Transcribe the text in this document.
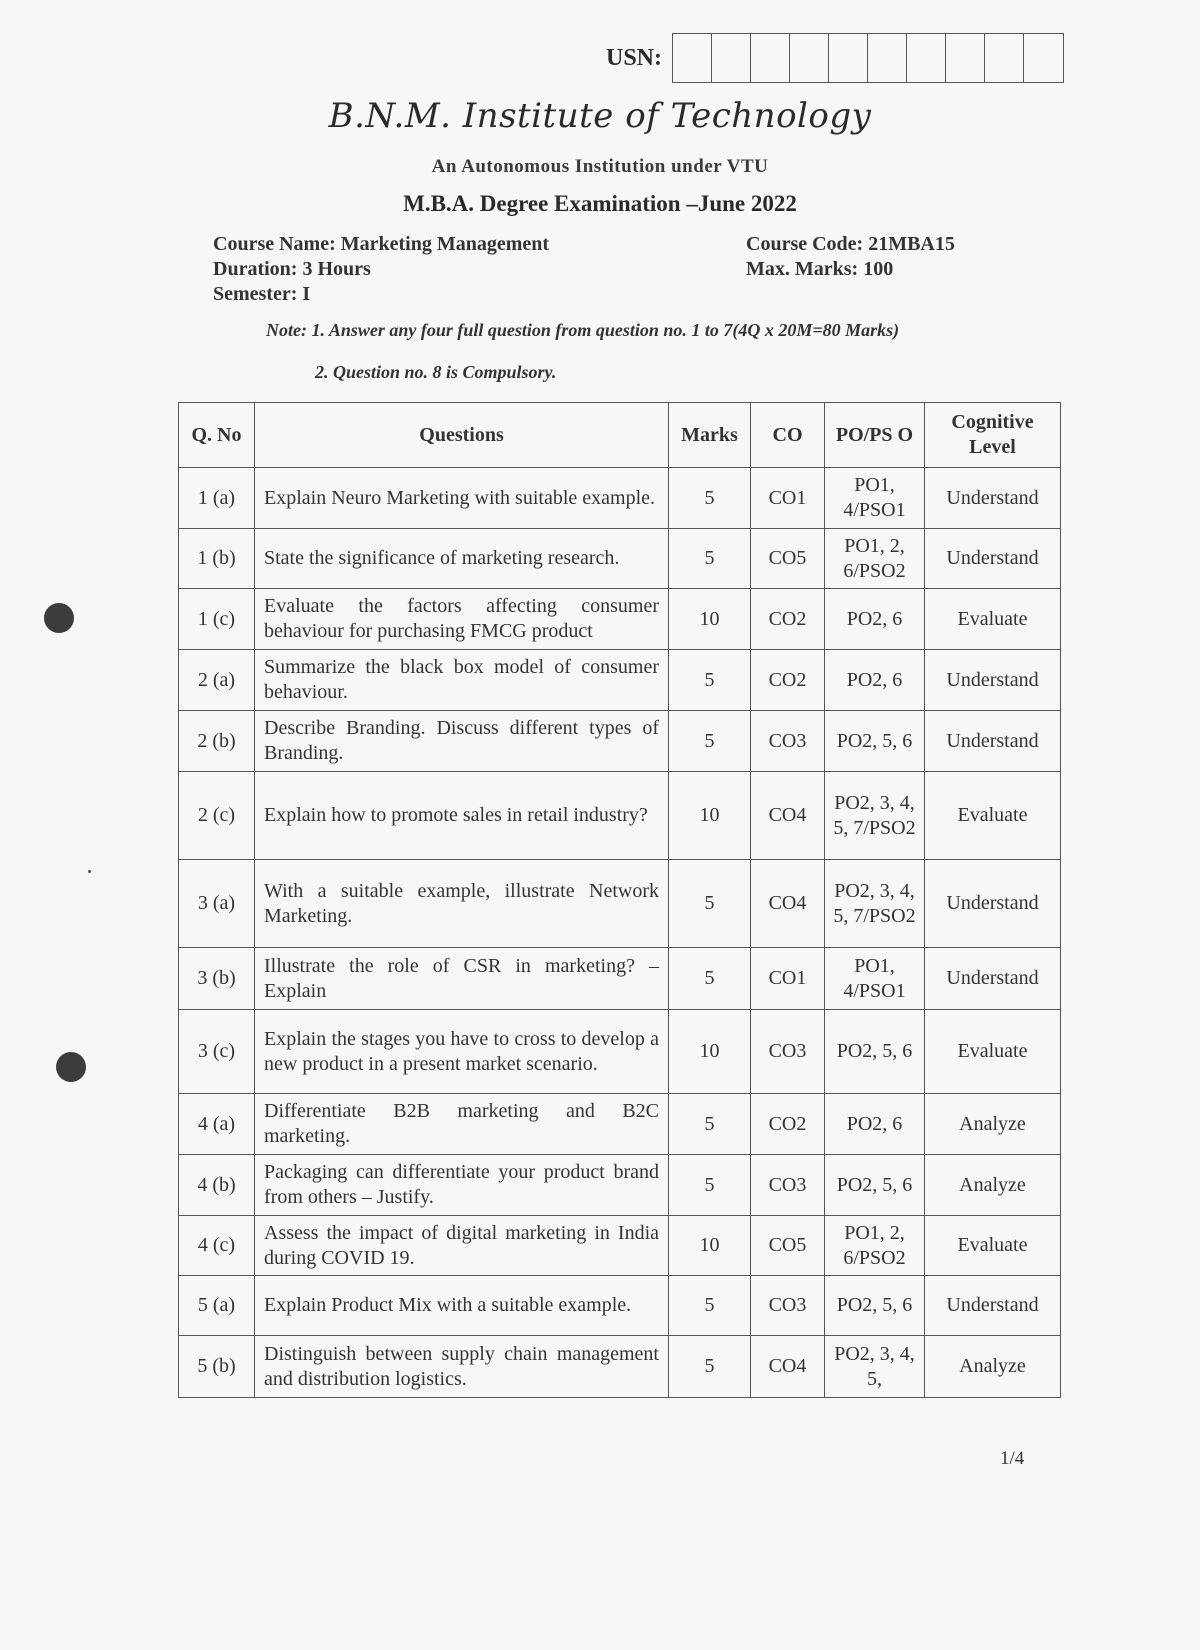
USN:
B.N.M. Institute of Technology
An Autonomous Institution under VTU
M.B.A. Degree Examination –June 2022
Course Name: Marketing Management
Duration: 3 Hours
Semester: I
Course Code: 21MBA15
Max. Marks: 100
Note: 1. Answer any four full question from question no. 1 to 7(4Q x 20M=80 Marks)
2. Question no. 8 is Compulsory.
Q. No	Questions	Marks	CO	PO/PS O	Cognitive Level
1 (a)	Explain Neuro Marketing with suitable example.	5	CO1	PO1, 4/PSO1	Understand
1 (b)	State the significance of marketing research.	5	CO5	PO1, 2, 6/PSO2	Understand
1 (c)	Evaluate the factors affecting consumer behaviour for purchasing FMCG product	10	CO2	PO2, 6	Evaluate
2 (a)	Summarize the black box model of consumer behaviour.	5	CO2	PO2, 6	Understand
2 (b)	Describe Branding. Discuss different types of Branding.	5	CO3	PO2, 5, 6	Understand
2 (c)	Explain how to promote sales in retail industry?	10	CO4	PO2, 3, 4, 5, 7/PSO2	Evaluate
3 (a)	With a suitable example, illustrate Network Marketing.	5	CO4	PO2, 3, 4, 5, 7/PSO2	Understand
3 (b)	Illustrate the role of CSR in marketing? – Explain	5	CO1	PO1, 4/PSO1	Understand
3 (c)	Explain the stages you have to cross to develop a new product in a present market scenario.	10	CO3	PO2, 5, 6	Evaluate
4 (a)	Differentiate B2B marketing and B2C marketing.	5	CO2	PO2, 6	Analyze
4 (b)	Packaging can differentiate your product brand from others – Justify.	5	CO3	PO2, 5, 6	Analyze
4 (c)	Assess the impact of digital marketing in India during COVID 19.	10	CO5	PO1, 2, 6/PSO2	Evaluate
5 (a)	Explain Product Mix with a suitable example.	5	CO3	PO2, 5, 6	Understand
5 (b)	Distinguish between supply chain management and distribution logistics.	5	CO4	PO2, 3, 4, 5,	Analyze
1/4
